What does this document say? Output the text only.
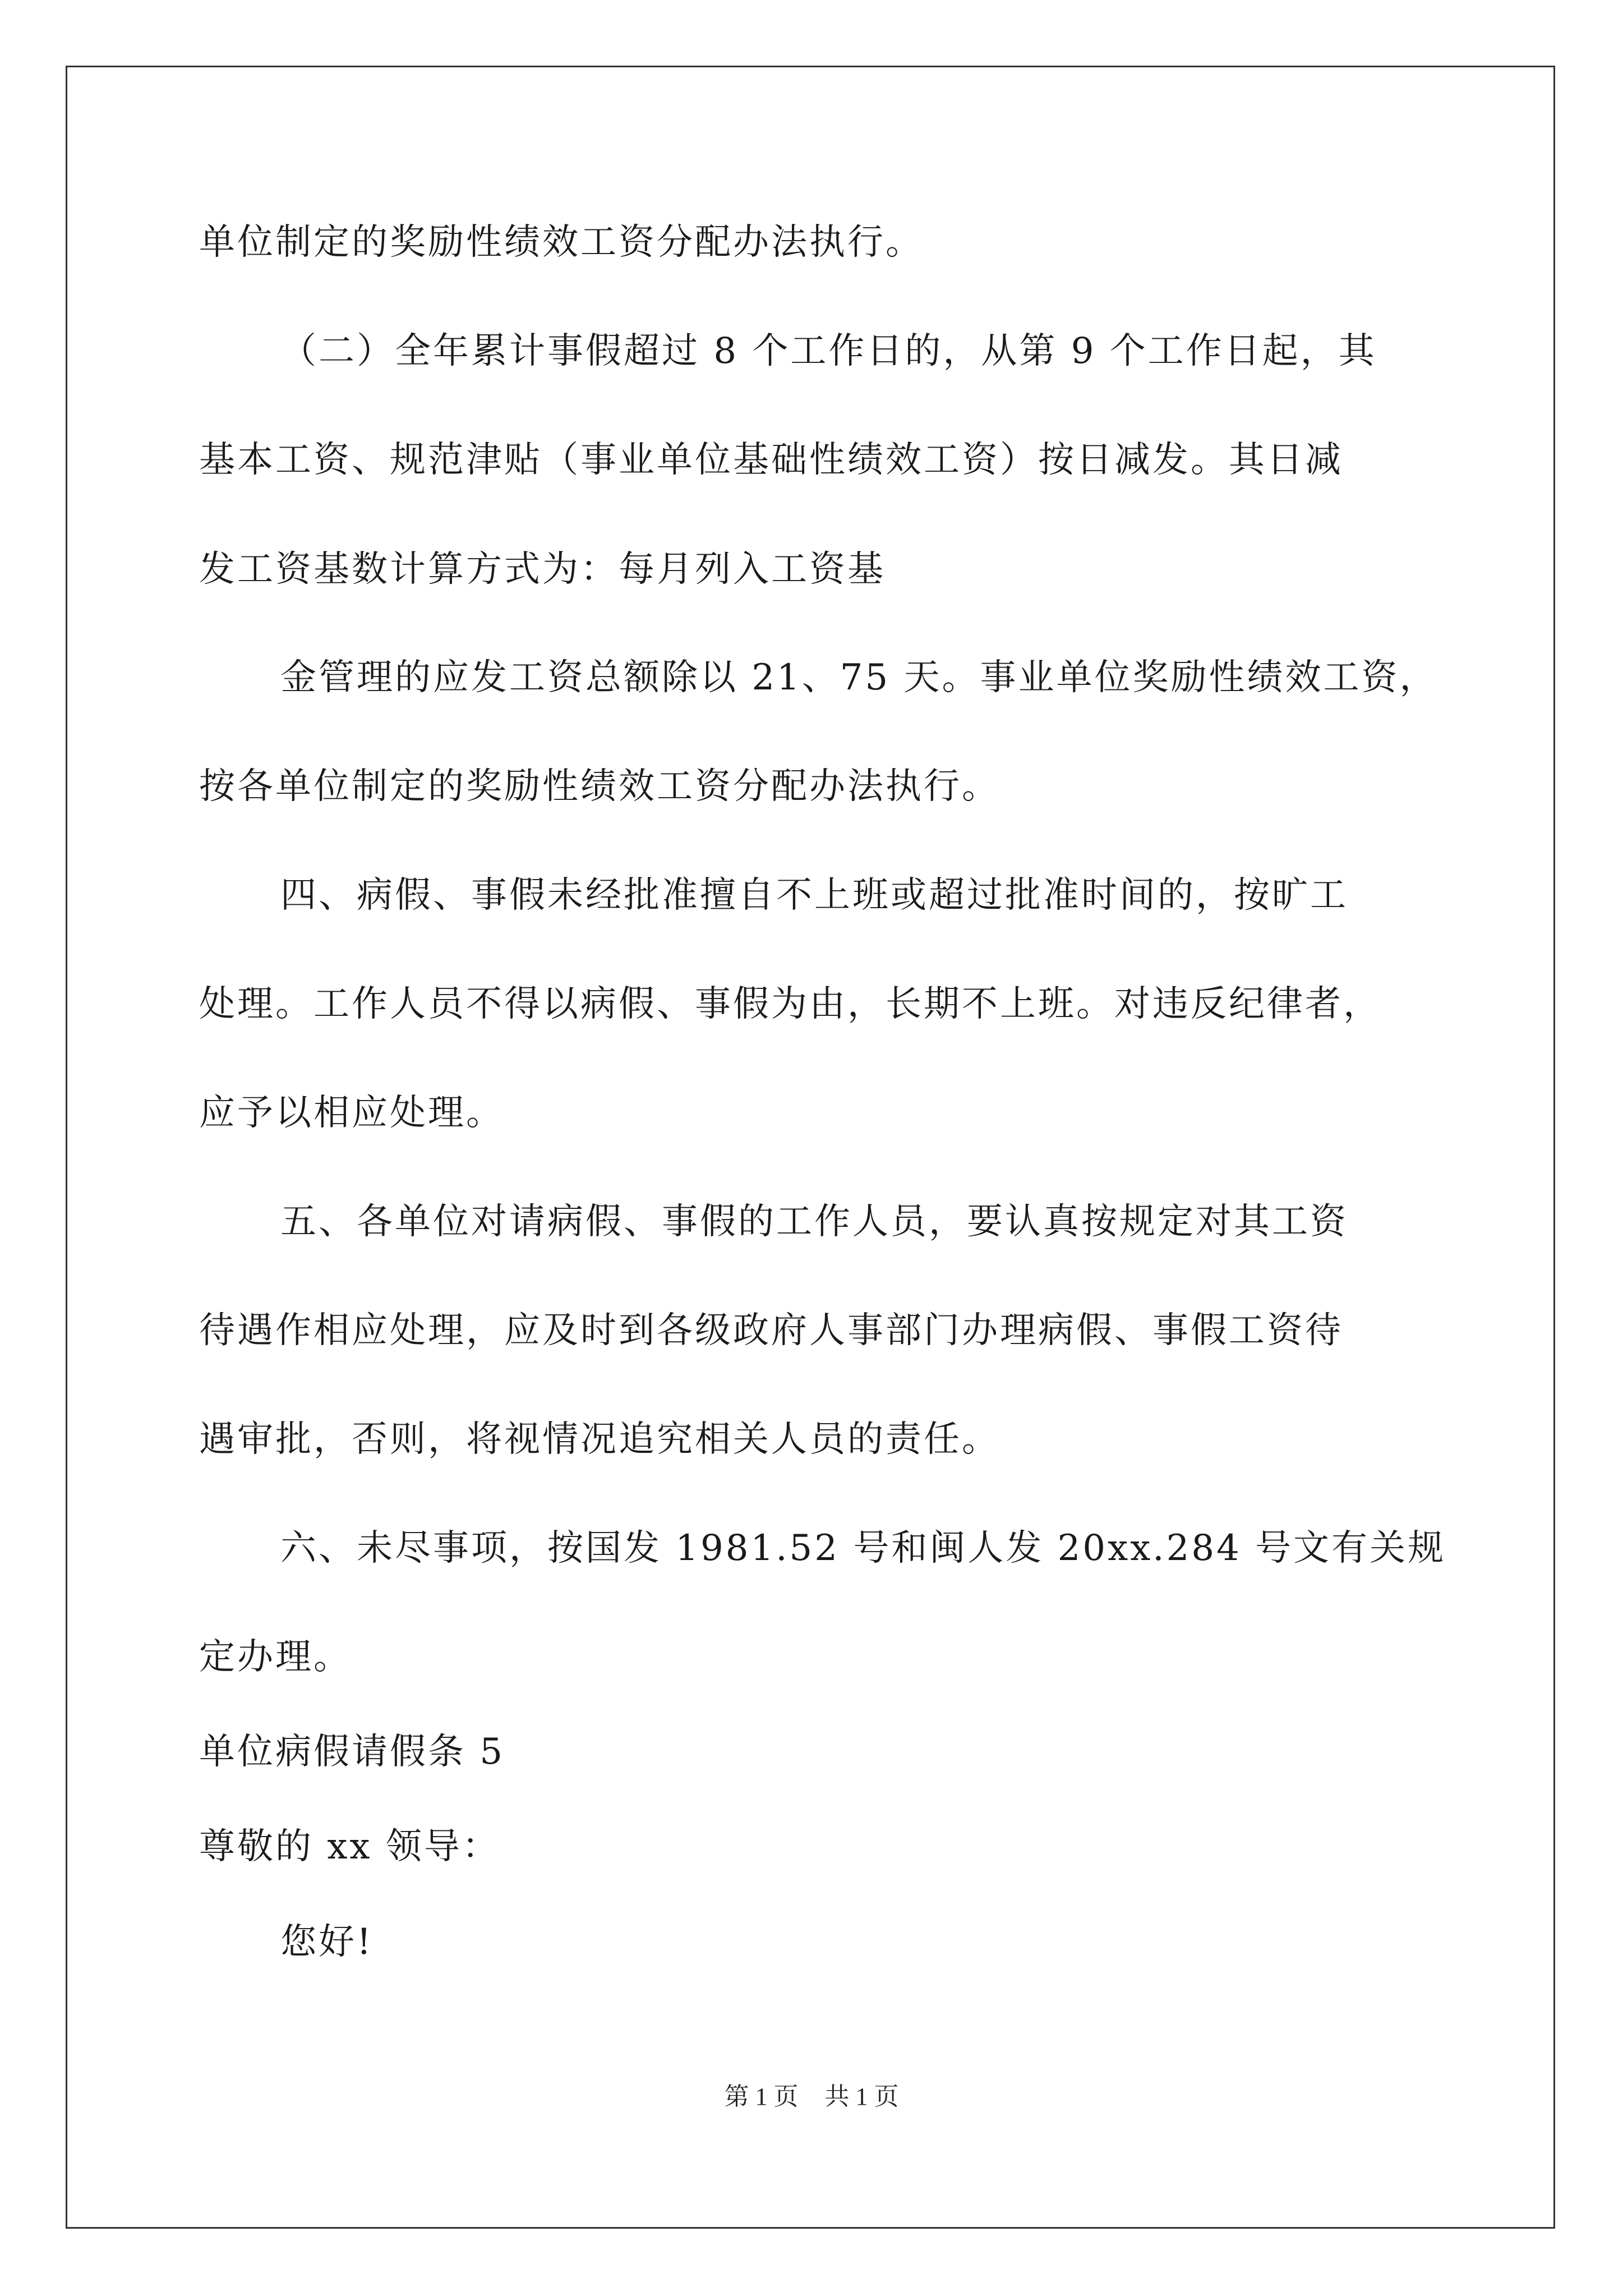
单位制定的奖励性绩效工资分配办法执行。
（二）全年累计事假超过 8 个工作日的，从第 9 个工作日起，其
基本工资、规范津贴（事业单位基础性绩效工资）按日减发。其日减
发工资基数计算方式为：每月列入工资基
金管理的应发工资总额除以 21、75 天。事业单位奖励性绩效工资，
按各单位制定的奖励性绩效工资分配办法执行。
四、病假、事假未经批准擅自不上班或超过批准时间的，按旷工
处理。工作人员不得以病假、事假为由，长期不上班。对违反纪律者，
应予以相应处理。
五、各单位对请病假、事假的工作人员，要认真按规定对其工资
待遇作相应处理，应及时到各级政府人事部门办理病假、事假工资待
遇审批，否则，将视情况追究相关人员的责任。
六、未尽事项，按国发 1981.52 号和闽人发 20xx.284 号文有关规
定办理。
单位病假请假条 5
尊敬的 xx 领导：
您好!
第 1 页 共 1 页
